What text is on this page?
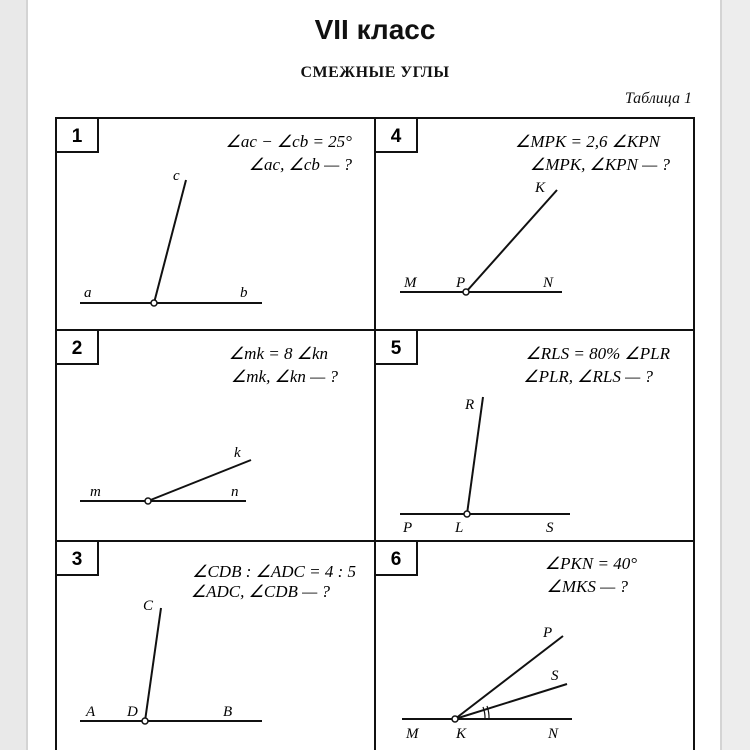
VII класс
СМЕЖНЫЕ УГЛЫ
Таблица 1
1	∠ac − ∠cb = 25°
∠ac, ∠cb — ?
a	b
c
4	∠MPK = 2,6 ∠KPN
∠MPK, ∠KPN — ?
M	P	N
K
2	∠mk = 8 ∠kn
∠mk, ∠kn — ?
m	n
k
5	∠RLS = 80% ∠PLR
∠PLR, ∠RLS — ?
P	L	S
R
3
∠CDB : ∠ADC = 4 : 5
∠ADC, ∠CDB — ?
A D	B
C
6	∠PKN = 40°
∠MKS — ?
M	K	N
P
S
